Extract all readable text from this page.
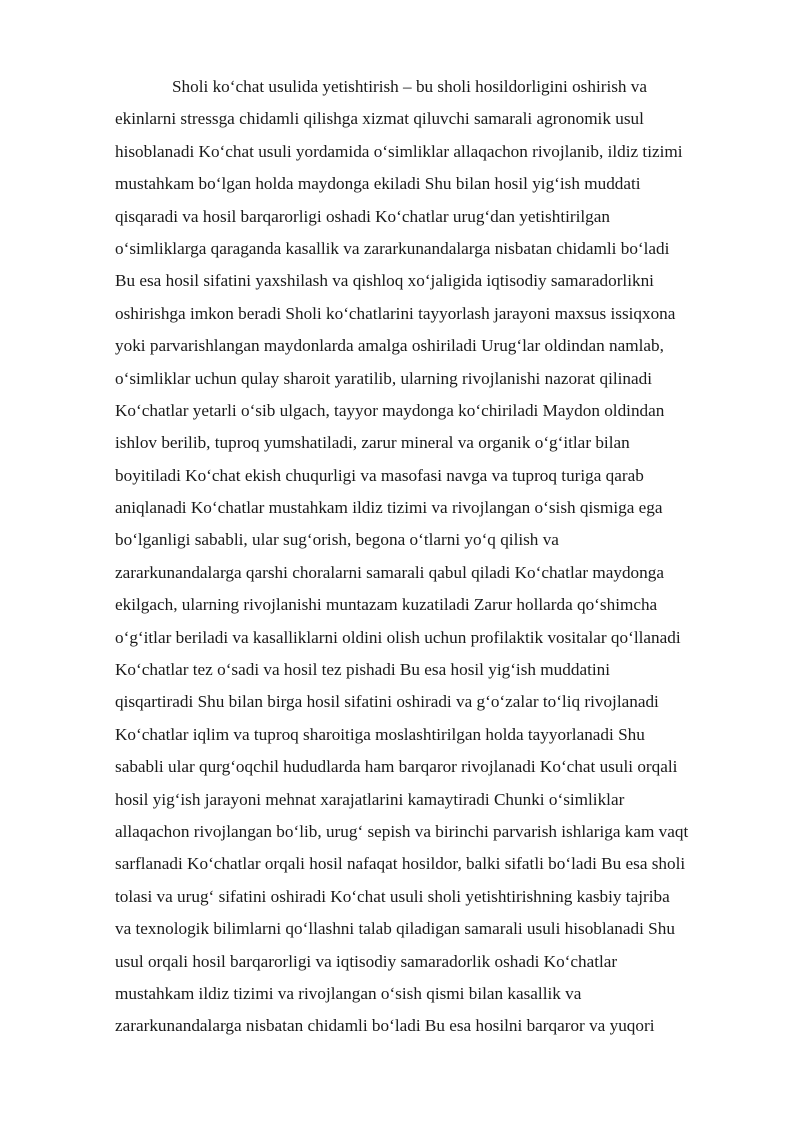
Sholi koʻchat usulida yetishtirish – bu sholi hosildorligini oshirish va
ekinlarni stressga chidamli qilishga xizmat qiluvchi samarali agronomik usul
hisoblanadi Koʻchat usuli yordamida oʻsimliklar allaqachon rivojlanib, ildiz tizimi
mustahkam boʻlgan holda maydonga ekiladi Shu bilan hosil yigʻish muddati
qisqaradi va hosil barqarorligi oshadi Koʻchatlar urugʻdan yetishtirilgan
oʻsimliklarga qaraganda kasallik va zararkunandalarga nisbatan chidamli boʻladi
Bu esa hosil sifatini yaxshilash va qishloq xoʻjaligida iqtisodiy samaradorlikni
oshirishga imkon beradi Sholi koʻchatlarini tayyorlash jarayoni maxsus issiqxona
yoki parvarishlangan maydonlarda amalga oshiriladi Urugʻlar oldindan namlab,
oʻsimliklar uchun qulay sharoit yaratilib, ularning rivojlanishi nazorat qilinadi
Koʻchatlar yetarli oʻsib ulgach, tayyor maydonga koʻchiriladi Maydon oldindan
ishlov berilib, tuproq yumshatiladi, zarur mineral va organik oʻgʻitlar bilan
boyitiladi Koʻchat ekish chuqurligi va masofasi navga va tuproq turiga qarab
aniqlanadi Koʻchatlar mustahkam ildiz tizimi va rivojlangan oʻsish qismiga ega
boʻlganligi sababli, ular sugʻorish, begona oʻtlarni yoʻq qilish va
zararkunandalarga qarshi choralarni samarali qabul qiladi Koʻchatlar maydonga
ekilgach, ularning rivojlanishi muntazam kuzatiladi Zarur hollarda qoʻshimcha
oʻgʻitlar beriladi va kasalliklarni oldini olish uchun profilaktik vositalar qoʻllanadi
Koʻchatlar tez oʻsadi va hosil tez pishadi Bu esa hosil yigʻish muddatini
qisqartiradi Shu bilan birga hosil sifatini oshiradi va gʻoʻzalar toʻliq rivojlanadi
Koʻchatlar iqlim va tuproq sharoitiga moslashtirilgan holda tayyorlanadi Shu
sababli ular qurgʻoqchil hududlarda ham barqaror rivojlanadi Koʻchat usuli orqali
hosil yigʻish jarayoni mehnat xarajatlarini kamaytiradi Chunki oʻsimliklar
allaqachon rivojlangan boʻlib, urugʻ sepish va birinchi parvarish ishlariga kam vaqt
sarflanadi Koʻchatlar orqali hosil nafaqat hosildor, balki sifatli boʻladi Bu esa sholi
tolasi va urugʻ sifatini oshiradi Koʻchat usuli sholi yetishtirishning kasbiy tajriba
va texnologik bilimlarni qoʻllashni talab qiladigan samarali usuli hisoblanadi Shu
usul orqali hosil barqarorligi va iqtisodiy samaradorlik oshadi Koʻchatlar
mustahkam ildiz tizimi va rivojlangan oʻsish qismi bilan kasallik va
zararkunandalarga nisbatan chidamli boʻladi Bu esa hosilni barqaror va yuqori
